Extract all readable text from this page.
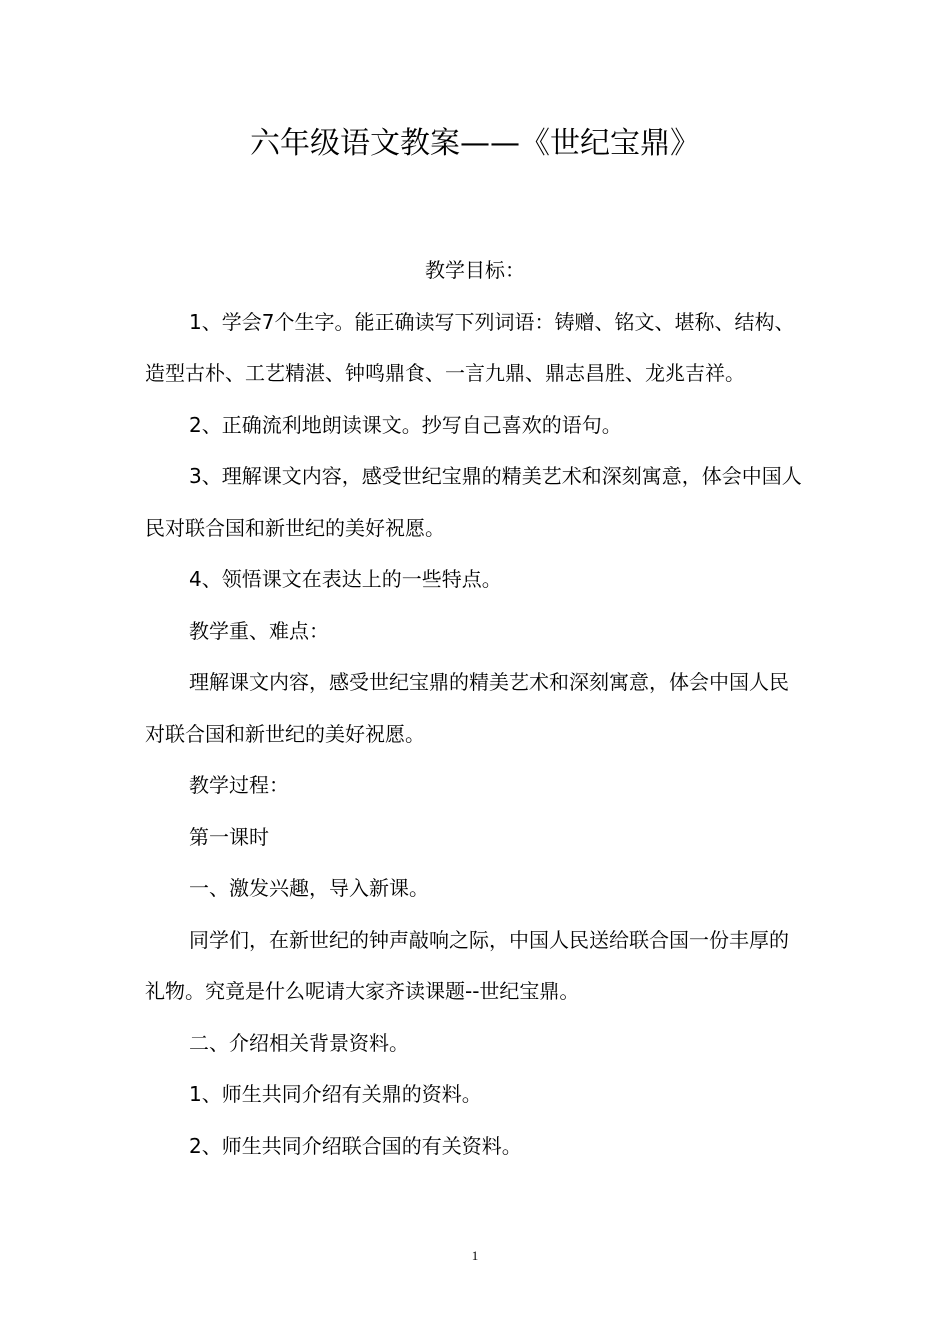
六年级语文教案——《世纪宝鼎》

教学目标：

1、学会7个生字。能正确读写下列词语：铸赠、铭文、堪称、结构、造型古朴、工艺精湛、钟鸣鼎食、一言九鼎、鼎志昌胜、龙兆吉祥。

2、正确流利地朗读课文。抄写自己喜欢的语句。

3、理解课文内容，感受世纪宝鼎的精美艺术和深刻寓意，体会中国人民对联合国和新世纪的美好祝愿。

4、领悟课文在表达上的一些特点。

教学重、难点：

理解课文内容，感受世纪宝鼎的精美艺术和深刻寓意，体会中国人民对联合国和新世纪的美好祝愿。

教学过程：

第一课时

一、激发兴趣，导入新课。

同学们，在新世纪的钟声敲响之际，中国人民送给联合国一份丰厚的礼物。究竟是什么呢请大家齐读课题--世纪宝鼎。

二、介绍相关背景资料。

1、师生共同介绍有关鼎的资料。

2、师生共同介绍联合国的有关资料。

1
